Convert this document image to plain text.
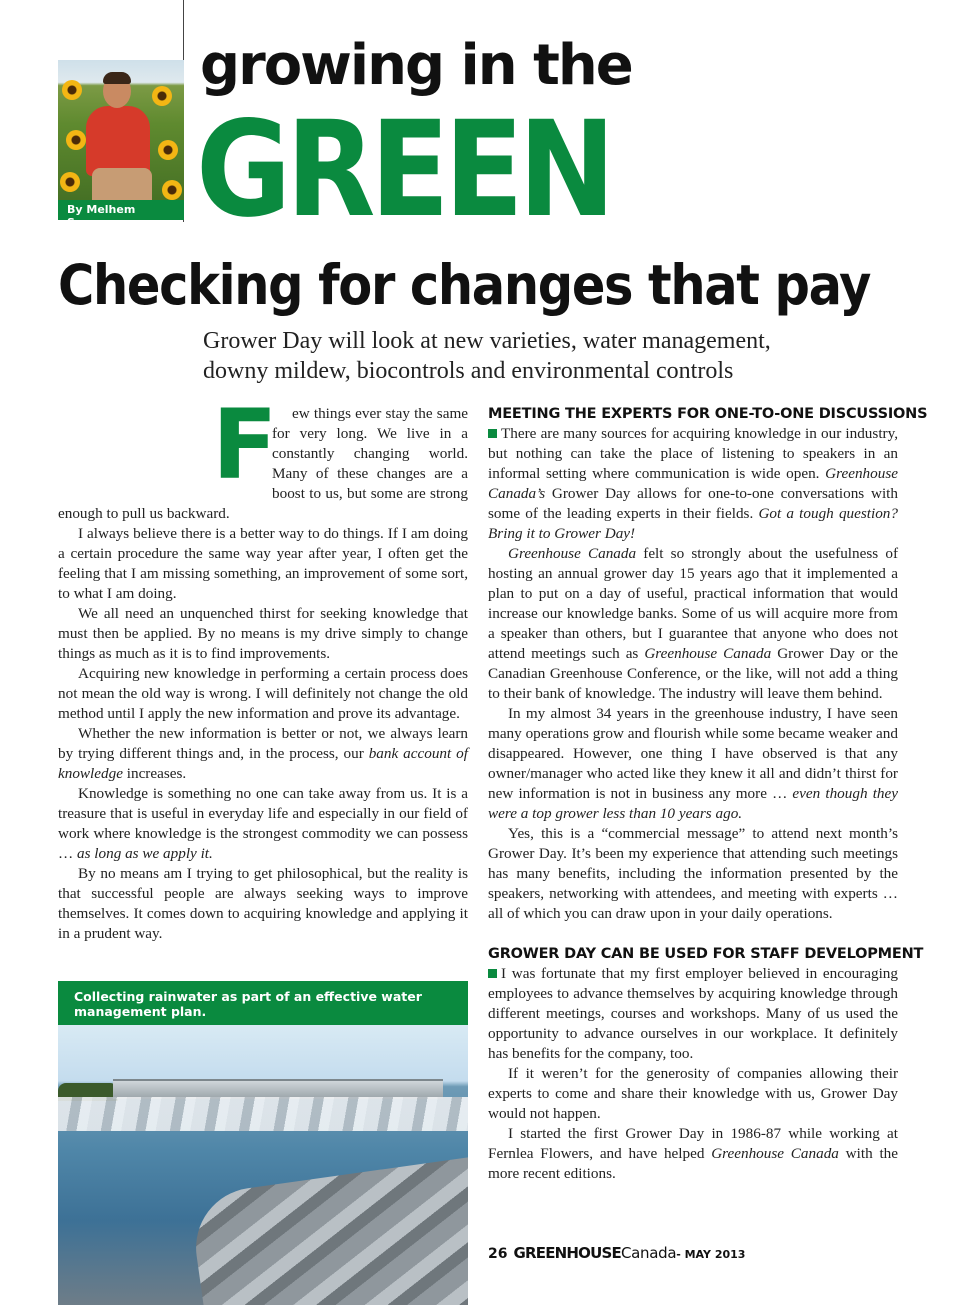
By Melhem Sawaya
growing in the
GREEN
Checking for changes that pay
Grower Day will look at new varieties, water management,
downy mildew, biocontrols and environmental controls
F ew things ever stay the same for very long. We live in a constantly changing world. Many of these changes are a boost to us, but some are strong enough to pull us backward.

I always believe there is a better way to do things. If I am doing a certain procedure the same way year after year, I often get the feeling that I am missing something, an improvement of some sort, to what I am doing.

We all need an unquenched thirst for seeking knowledge that must then be applied. By no means is my drive simply to change things as much as it is to find improvements.

Acquiring new knowledge in performing a certain process does not mean the old way is wrong. I will definitely not change the old method until I apply the new information and prove its advantage.

Whether the new information is better or not, we always learn by trying different things and, in the process, our bank account of knowledge increases.

Knowledge is something no one can take away from us. It is a treasure that is useful in everyday life and especially in our field of work where knowledge is the strongest commodity we can possess … as long as we apply it.

By no means am I trying to get philosophical, but the reality is that successful people are always seeking ways to improve themselves. It comes down to acquiring knowledge and applying it in a prudent way.

MEETING THE EXPERTS FOR ONE-TO-ONE DISCUSSIONS

There are many sources for acquiring knowledge in our industry, but nothing can take the place of listening to speakers in an informal setting where communication is wide open. Greenhouse Canada’s Grower Day allows for one-to-one conversations with some of the leading experts in their fields. Got a tough question? Bring it to Grower Day!

Greenhouse Canada felt so strongly about the usefulness of hosting an annual grower day 15 years ago that it implemented a plan to put on a day of useful, practical information that would increase our knowledge banks. Some of us will acquire more from a speaker than others, but I guarantee that anyone who does not attend meetings such as Greenhouse Canada Grower Day or the Canadian Greenhouse Conference, or the like, will not add a thing to their bank of knowledge. The industry will leave them behind.

In my almost 34 years in the greenhouse industry, I have seen many operations grow and flourish while some became weaker and disappeared. However, one thing I have observed is that any owner/manager who acted like they knew it all and didn’t thirst for new information is not in business any more … even though they were a top grower less than 10 years ago.

Yes, this is a “commercial message” to attend next month’s Grower Day. It’s been my experience that attending such meetings has many benefits, including the information presented by the speakers, networking with attendees, and meeting with experts … all of which you can draw upon in your daily operations.

GROWER DAY CAN BE USED FOR STAFF DEVELOPMENT

I was fortunate that my first employer believed in encouraging employees to advance themselves by acquiring knowledge through different meetings, courses and workshops. Many of us used the opportunity to advance ourselves in our workplace. It definitely has benefits for the company, too.

If it weren’t for the generosity of companies allowing their experts to come and share their knowledge with us, Grower Day would not happen.

I started the first Grower Day in 1986-87 while working at Fernlea Flowers, and have helped Greenhouse Canada with the more recent editions.

Collecting rainwater as part of an effective water management plan.
26 GREENHOUSECanada- MAY 2013
